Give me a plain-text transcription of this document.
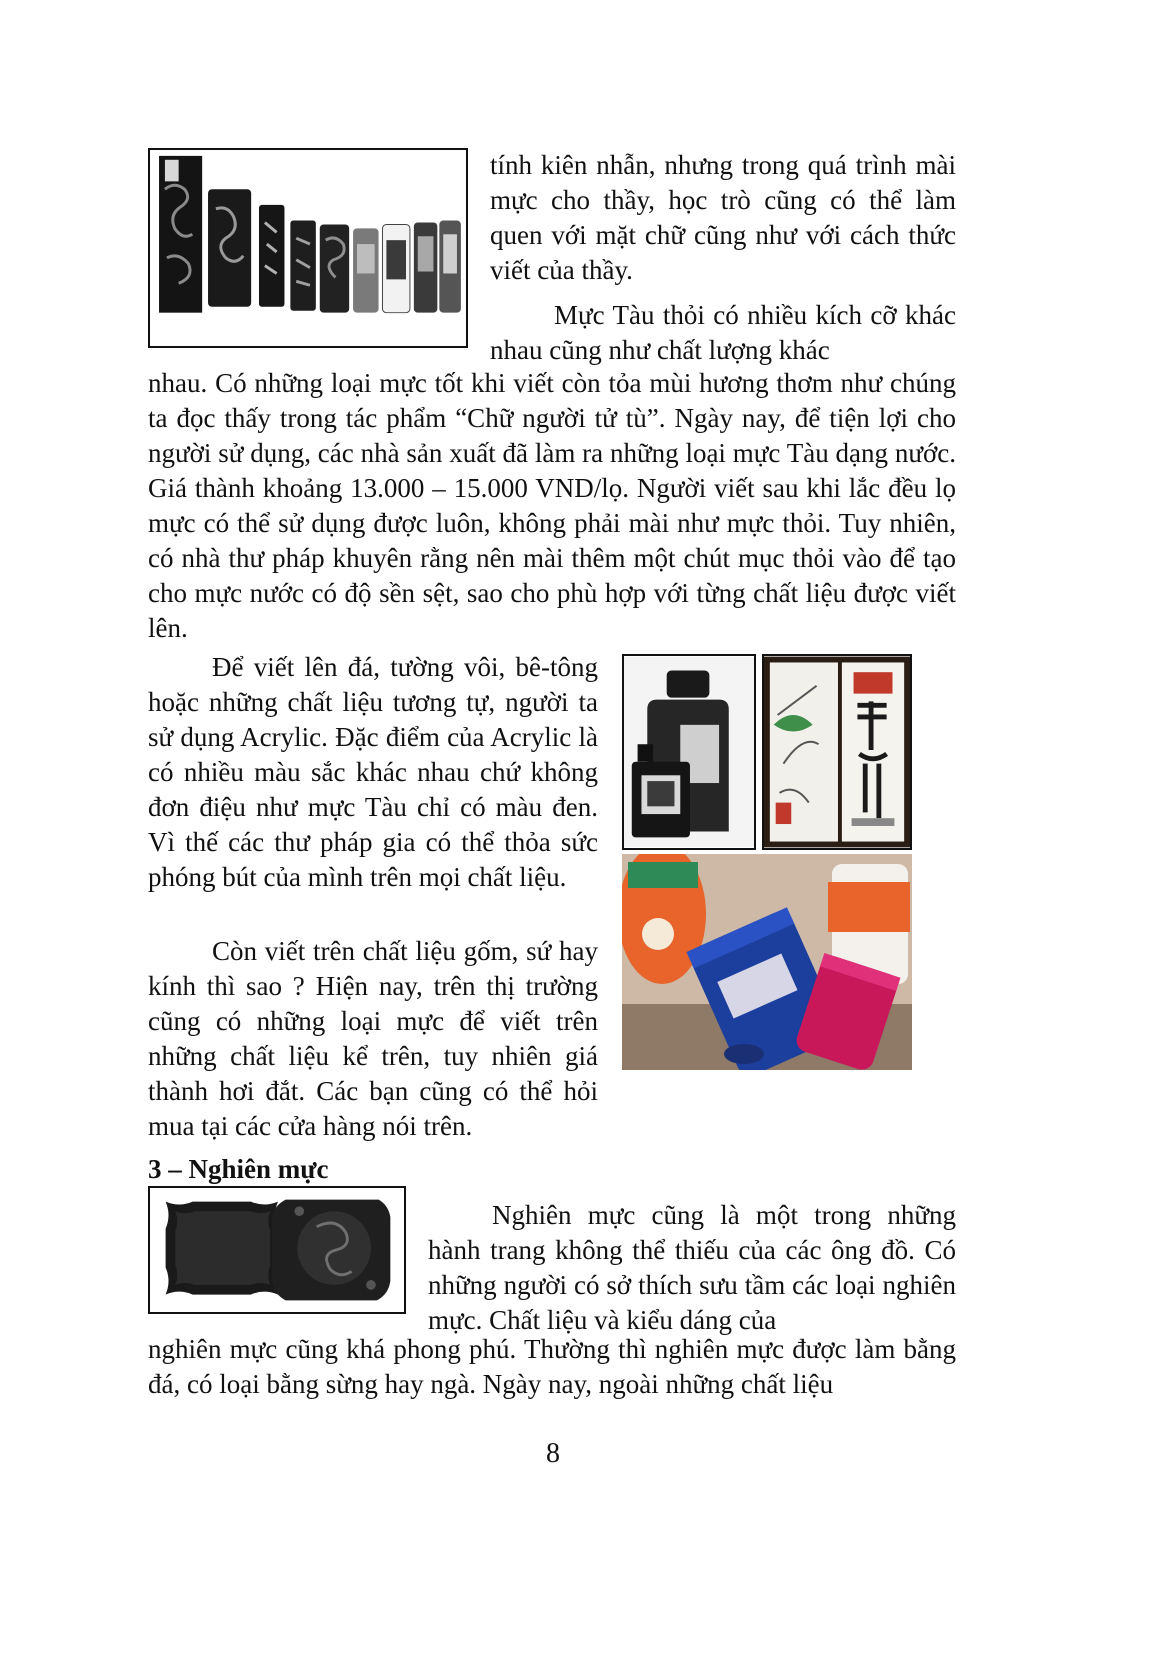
tính kiên nhẫn, nhưng trong quá trình mài mực cho thầy, học trò cũng có thể làm quen với mặt chữ cũng như với cách thức viết của thầy.

Mực Tàu thỏi có nhiều kích cỡ khác nhau cũng như chất lượng khác

nhau. Có những loại mực tốt khi viết còn tỏa mùi hương thơm như chúng ta đọc thấy trong tác phẩm “Chữ người tử tù”. Ngày nay, để tiện lợi cho người sử dụng, các nhà sản xuất đã làm ra những loại mực Tàu dạng nước. Giá thành khoảng 13.000 – 15.000 VND/lọ. Người viết sau khi lắc đều lọ mực có thể sử dụng được luôn, không phải mài như mực thỏi. Tuy nhiên, có nhà thư pháp khuyên rằng nên mài thêm một chút mục thỏi vào để tạo cho mực nước có độ sền sệt, sao cho phù hợp với từng chất liệu được viết lên.

Để viết lên đá, tường vôi, bê-tông hoặc những chất liệu tương tự, người ta sử dụng Acrylic. Đặc điểm của Acrylic là có nhiều màu sắc khác nhau chứ không đơn điệu như mực Tàu chỉ có màu đen. Vì thế các thư pháp gia có thể thỏa sức phóng bút của mình trên mọi chất liệu.

Còn viết trên chất liệu gốm, sứ hay kính thì sao ? Hiện nay, trên thị trường cũng có những loại mực để viết trên những chất liệu kể trên, tuy nhiên giá thành hơi đắt. Các bạn cũng có thể hỏi mua tại các cửa hàng nói trên.

3 – Nghiên mực

Nghiên mực cũng là một trong những hành trang không thể thiếu của các ông đồ. Có những người có sở thích sưu tầm các loại nghiên mực. Chất liệu và kiểu dáng của

nghiên mực cũng khá phong phú. Thường thì nghiên mực được làm bằng đá, có loại bằng sừng hay ngà. Ngày nay, ngoài những chất liệu

8
